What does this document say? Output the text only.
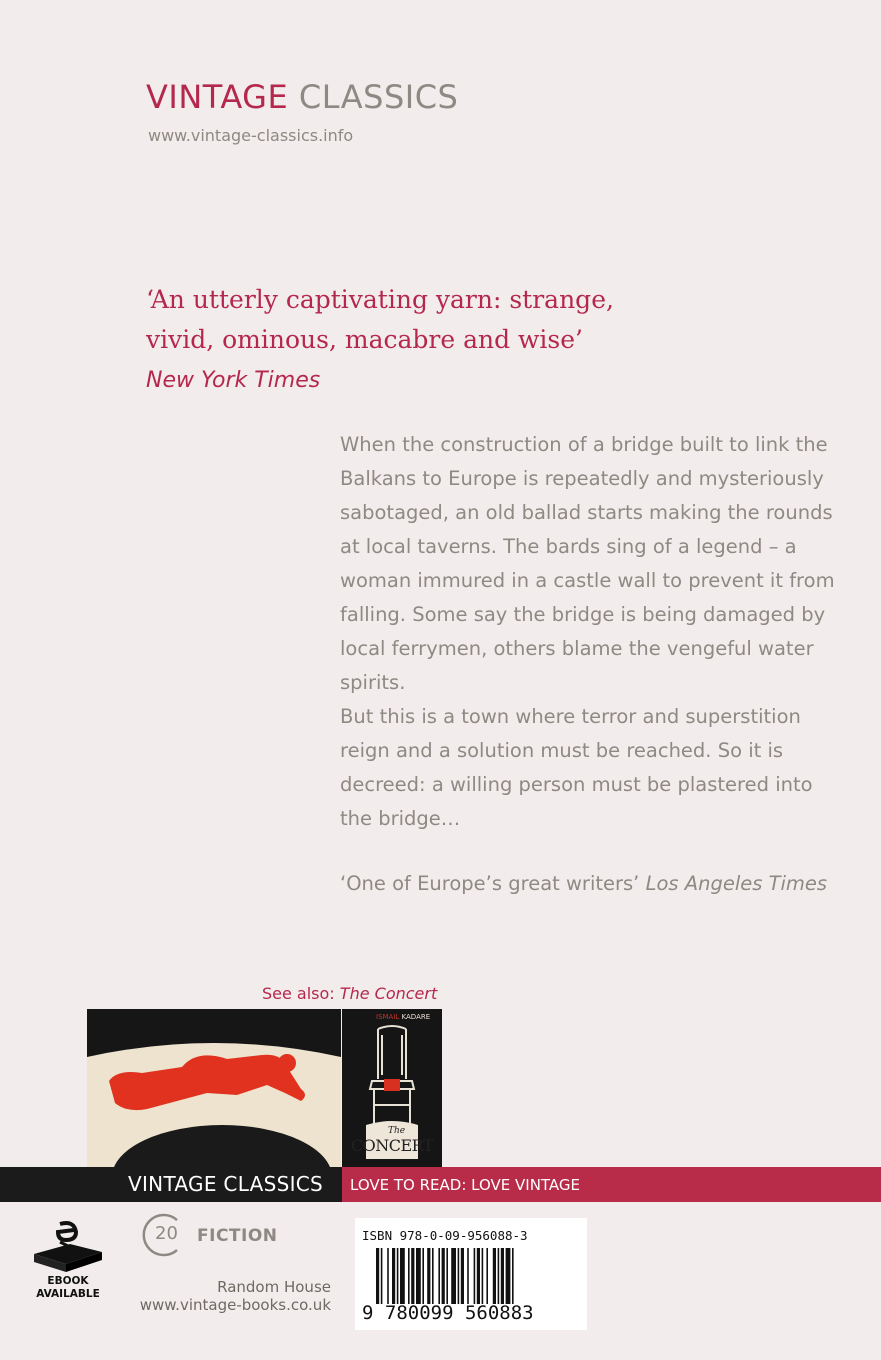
VINTAGE CLASSICS
www.vintage-classics.info
‘An utterly captivating yarn: strange,
vivid, ominous, macabre and wise’
New York Times

When the construction of a bridge built to link the Balkans to Europe is repeatedly and mysteriously sabotaged, an old ballad starts making the rounds at local taverns. The bards sing of a legend – a woman immured in a castle wall to prevent it from falling. Some say the bridge is being damaged by local ferrymen, others blame the vengeful water spirits.

But this is a town where terror and superstition reign and a solution must be reached. So it is decreed: a willing person must be plastered into the bridge…

‘One of Europe’s great writers’ Los Angeles Times
See also: The Concert
ISMAIL KADARE
The
CONCERT
VINTAGE CLASSICS LOVE TO READ: LOVE VINTAGE
EBOOK
AVAILABLE
20 FICTION
Random House
www.vintage-books.co.uk
ISBN 978-0-09-956088-3
9 780099 560883
